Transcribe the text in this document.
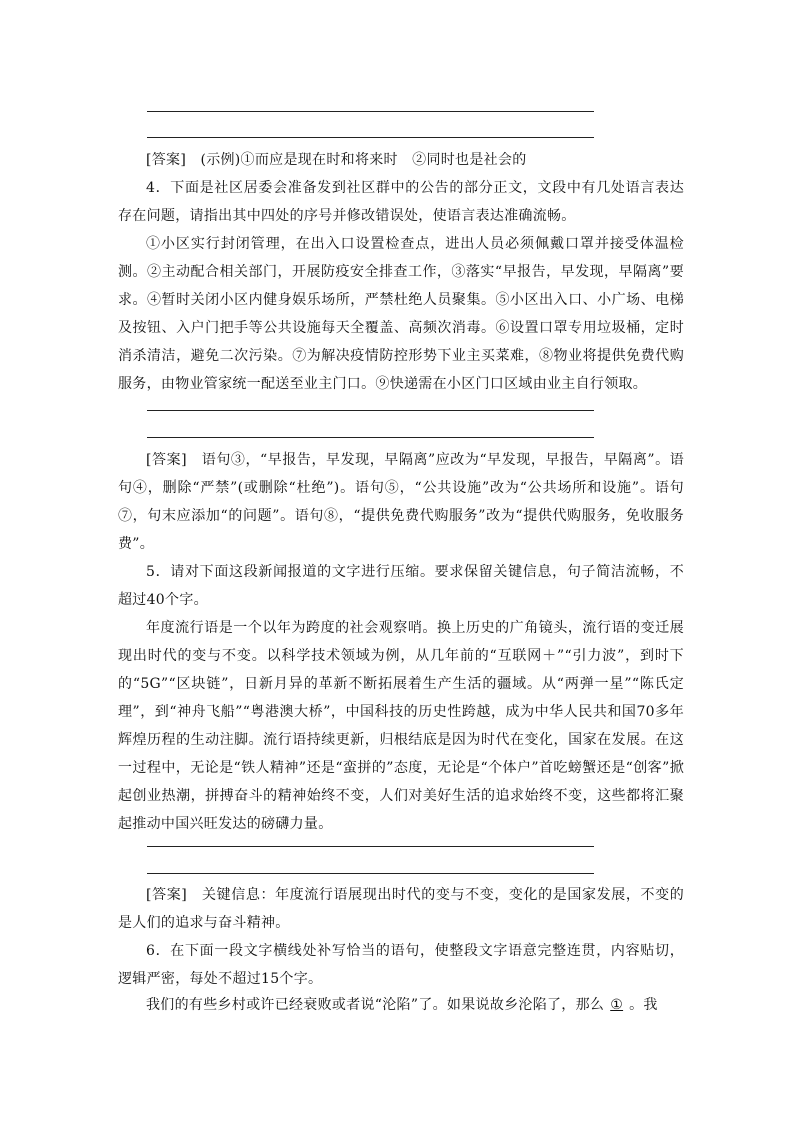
[答案]　 (示例)①而应是现在时和将来时　②同时也是社会的

4．下面是社区居委会准备发到社区群中的公告的部分正文，文段中有几处语言表达存在问题，请指出其中四处的序号并修改错误处，使语言表达准确流畅。

①小区实行封闭管理，在出入口设置检查点，进出人员必须佩戴口罩并接受体温检测。②主动配合相关部门，开展防疫安全排查工作，③落实“早报告，早发现，早隔离”要求。④暂时关闭小区内健身娱乐场所，严禁杜绝人员聚集。⑤小区出入口、小广场、电梯及按钮、入户门把手等公共设施每天全覆盖、高频次消毒。⑥设置口罩专用垃圾桶，定时消杀清洁，避免二次污染。⑦为解决疫情防控形势下业主买菜难，⑧物业将提供免费代购服务，由物业管家统一配送至业主门口。⑨快递需在小区门口区域由业主自行领取。

[答案]　 语句③，“早报告，早发现，早隔离”应改为“早发现，早报告，早隔离”。语句④，删除“严禁”(或删除“杜绝”)。语句⑤，“公共设施”改为“公共场所和设施”。语句⑦，句末应添加“的问题”。语句⑧，“提供免费代购服务”改为“提供代购服务，免收服务费”。

5．请对下面这段新闻报道的文字进行压缩。要求保留关键信息，句子简洁流畅，不超过40个字。

年度流行语是一个以年为跨度的社会观察哨。换上历史的广角镜头，流行语的变迁展现出时代的变与不变。以科学技术领域为例，从几年前的“互联网＋”“引力波”，到时下的“5G”“区块链”，日新月异的革新不断拓展着生产生活的疆域。从“两弹一星”“陈氏定理”，到“神舟飞船”“粤港澳大桥”，中国科技的历史性跨越，成为中华人民共和国70多年辉煌历程的生动注脚。流行语持续更新，归根结底是因为时代在变化，国家在发展。在这一过程中，无论是“铁人精神”还是“蛮拼的”态度，无论是“个体户”首吃螃蟹还是“创客”掀起创业热潮，拼搏奋斗的精神始终不变，人们对美好生活的追求始终不变，这些都将汇聚起推动中国兴旺发达的磅礴力量。

[答案]　 关键信息：年度流行语展现出时代的变与不变，变化的是国家发展，不变的是人们的追求与奋斗精神。

6．在下面一段文字横线处补写恰当的语句，使整段文字语意完整连贯，内容贴切，逻辑严密，每处不超过15个字。

我们的有些乡村或许已经衰败或者说“沦陷”了。如果说故乡沦陷了，那么 ① 。我
